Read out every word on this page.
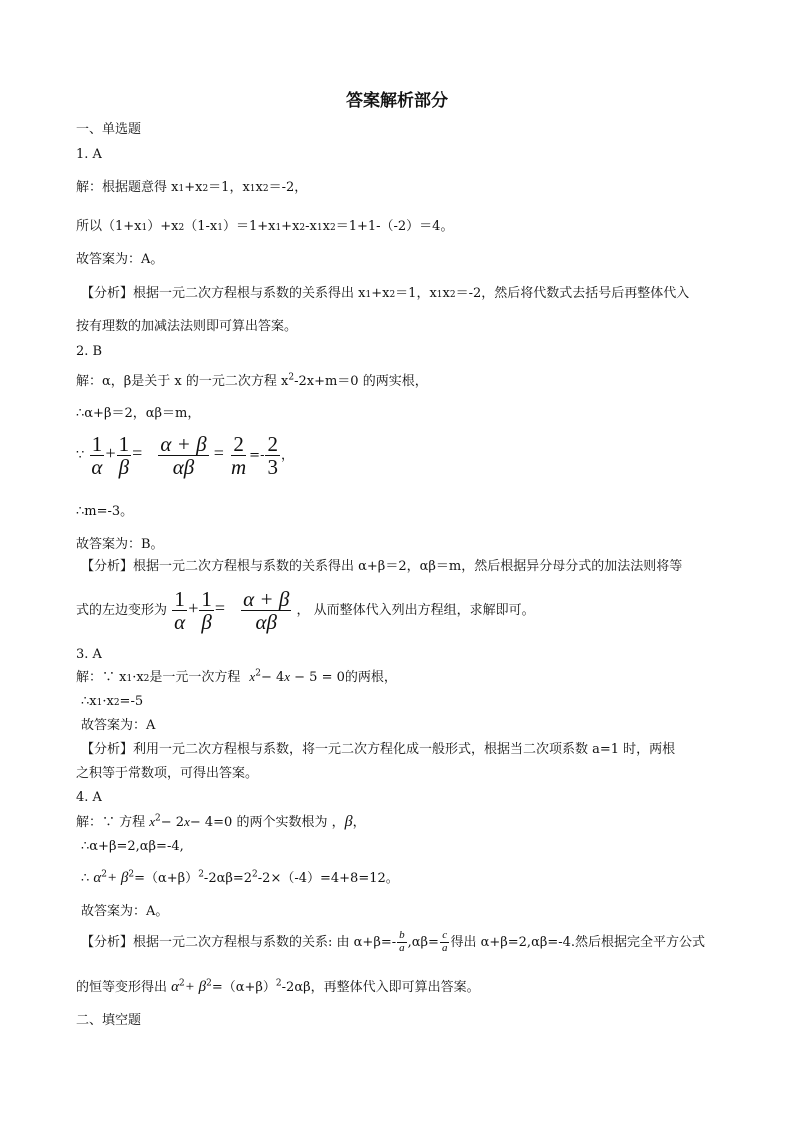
答案解析部分
一、单选题
1. A
解：根据题意得 x1+x2＝1，x1x2＝-2，
所以（1+x1）+x2（1-x1）＝1+x1+x2-x1x2＝1+1-（-2）＝4。
故答案为：A。
【分析】根据一元二次方程根与系数的关系得出 x1+x2＝1，x1x2＝-2，然后将代数式去括号后再整体代入
按有理数的加减法法则即可算出答案。
2. B
解：α，β是关于 x 的一元二次方程 $x^2-2x+m=0$ 的两实根，
∴α+β＝2，αβ＝m，
∵ $\frac{1}{\alpha} + \frac{1}{\beta} = \frac{\alpha + \beta}{\alpha\beta} = \frac{2}{m} =- \frac{2}{3}$ ，
∴m=-3。
故答案为：B。
【分析】根据一元二次方程根与系数的关系得出 α+β＝2，αβ＝m，然后根据异分母分式的加法法则将等
式的左边变形为 $\frac{1}{\alpha} + \frac{1}{\beta} = \frac{\alpha + \beta}{\alpha\beta}$ ， 从而整体代入列出方程组，求解即可。
3. A
解：∵ x1·x2是一元一次方程 $x^2- 4x - 5 = 0$的两根，
∴x1·x2=-5
故答案为：A
【分析】利用一元二次方程根与系数，将一元二次方程化成一般形式，根据当二次项系数 a=1 时，两根
之积等于常数项，可得出答案。
4. A
解：∵ 方程 $x^2- 2x- 4=0$ 的两个实数根为 ，β，
∴α+β=2,αβ=-4,
∴ $\alpha^2+ \beta^2=(\alpha+\beta)^2-2\alpha\beta=2^2-2\times(-4)=4+8=12$。
故答案为：A。
【分析】根据一元二次方程根与系数的关系: 由 $\alpha+\beta=- \frac{b}{a} ,\alpha\beta= \frac{c}{a}$ 得出 α+β=2,αβ=-4.然后根据完全平方公式
的恒等变形得出 $\alpha^2+ \beta^2=(\alpha+\beta)^2-2\alpha\beta$，再整体代入即可算出答案。
二、填空题
